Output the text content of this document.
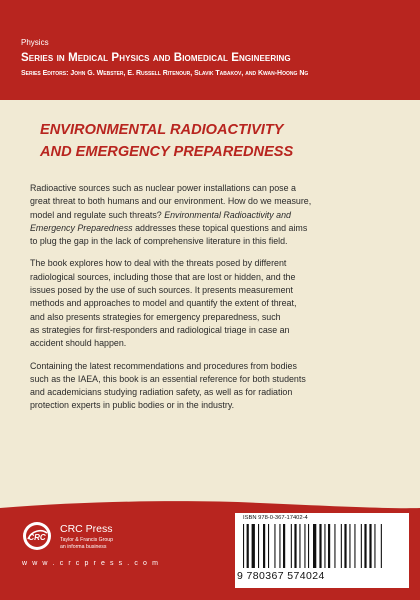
Physics
Series in Medical Physics and Biomedical Engineering
Series Editors: John G. Webster, E. Russell Ritenour, Slavik Tabakov, and Kwan-Hoong Ng
ENVIRONMENTAL RADIOACTIVITY
AND EMERGENCY PREPAREDNESS
Radioactive sources such as nuclear power installations can pose a
great threat to both humans and our environment. How do we measure,
model and regulate such threats? Environmental Radioactivity and
Emergency Preparedness addresses these topical questions and aims
to plug the gap in the lack of comprehensive literature in this field.
The book explores how to deal with the threats posed by different
radiological sources, including those that are lost or hidden, and the
issues posed by the use of such sources. It presents measurement
methods and approaches to model and quantify the extent of threat,
and also presents strategies for emergency preparedness, such
as strategies for first-responders and radiological triage in case an
accident should happen.
Containing the latest recommendations and procedures from bodies
such as the IAEA, this book is an essential reference for both students
and academicians studying radiation safety, as well as for radiation
protection experts in public bodies or in the industry.
CRC
CRC Press
Taylor & Francis Group
an informa business
w w w . c r c p r e s s . c o m
ISBN 978-0-367-17402-4
9 780367 574024
